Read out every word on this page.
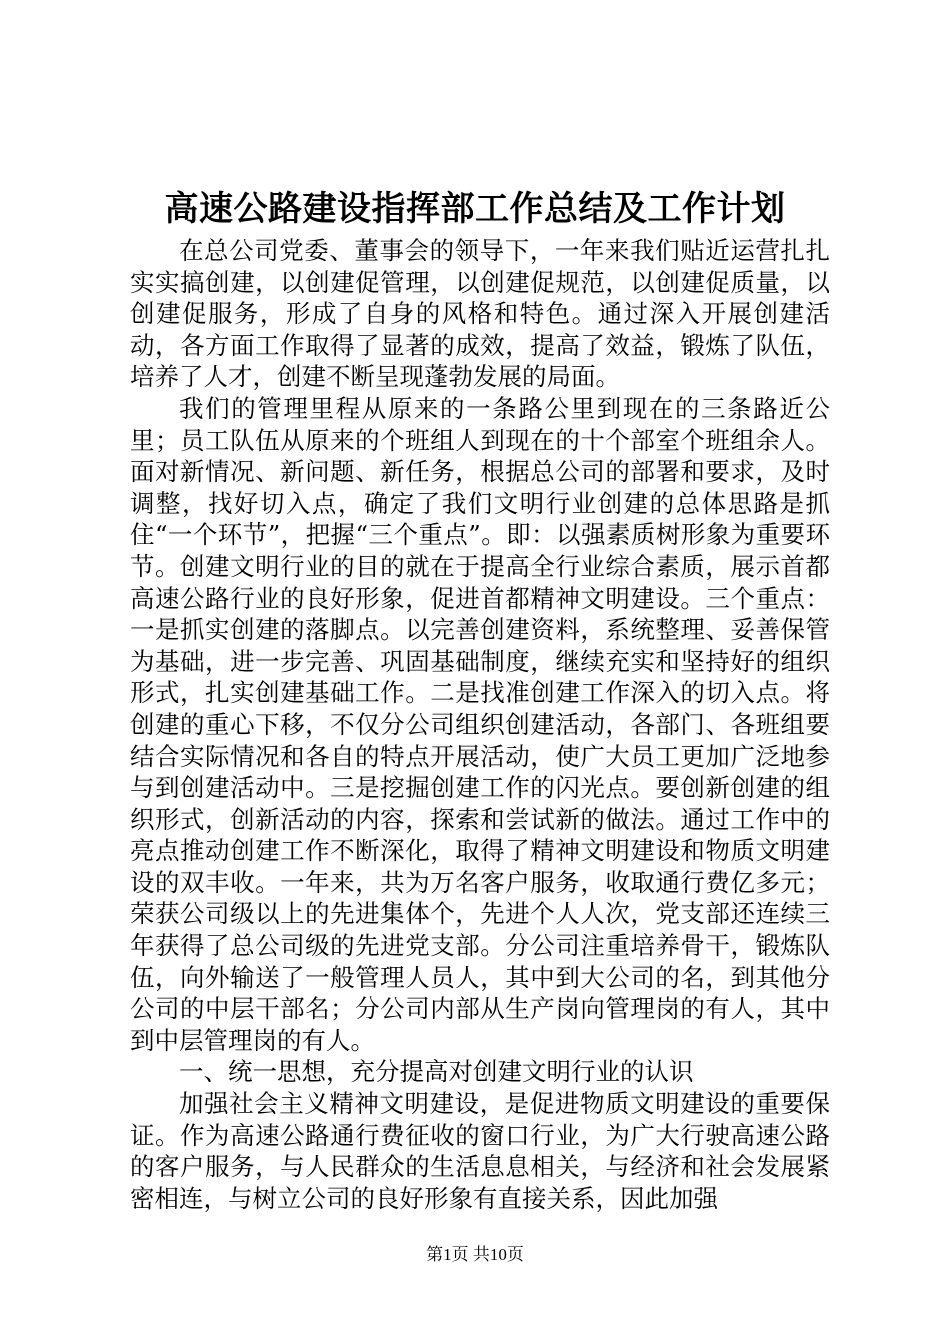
高速公路建设指挥部工作总结及工作计划

在总公司党委、董事会的领导下，一年来我们贴近运营扎扎实实搞创建，以创建促管理，以创建促规范，以创建促质量，以创建促服务，形成了自身的风格和特色。通过深入开展创建活动，各方面工作取得了显著的成效，提高了效益，锻炼了队伍，培养了人才，创建不断呈现蓬勃发展的局面。

我们的管理里程从原来的一条路公里到现在的三条路近公里；员工队伍从原来的个班组人到现在的十个部室个班组余人。面对新情况、新问题、新任务，根据总公司的部署和要求，及时调整，找好切入点，确定了我们文明行业创建的总体思路是抓住“一个环节”，把握“三个重点”。即：以强素质树形象为重要环节。创建文明行业的目的就在于提高全行业综合素质，展示首都高速公路行业的良好形象，促进首都精神文明建设。三个重点：一是抓实创建的落脚点。以完善创建资料，系统整理、妥善保管为基础，进一步完善、巩固基础制度，继续充实和坚持好的组织形式，扎实创建基础工作。二是找准创建工作深入的切入点。将创建的重心下移，不仅分公司组织创建活动，各部门、各班组要结合实际情况和各自的特点开展活动，使广大员工更加广泛地参与到创建活动中。三是挖掘创建工作的闪光点。要创新创建的组织形式，创新活动的内容，探索和尝试新的做法。通过工作中的亮点推动创建工作不断深化，取得了精神文明建设和物质文明建设的双丰收。一年来，共为万名客户服务，收取通行费亿多元；荣获公司级以上的先进集体个，先进个人人次，党支部还连续三年获得了总公司级的先进党支部。分公司注重培养骨干，锻炼队伍，向外输送了一般管理人员人，其中到大公司的名，到其他分公司的中层干部名；分公司内部从生产岗向管理岗的有人，其中到中层管理岗的有人。

一、统一思想，充分提高对创建文明行业的认识

加强社会主义精神文明建设，是促进物质文明建设的重要保证。作为高速公路通行费征收的窗口行业，为广大行驶高速公路的客户服务，与人民群众的生活息息相关，与经济和社会发展紧密相连，与树立公司的良好形象有直接关系，因此加强

第1页 共10页
